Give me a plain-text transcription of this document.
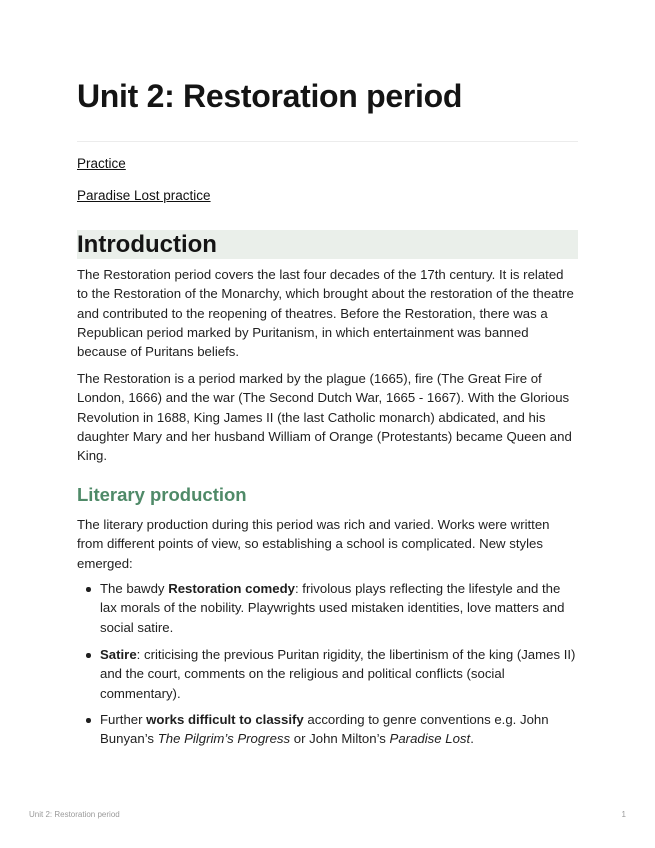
Unit 2: Restoration period
Practice
Paradise Lost practice
Introduction

The Restoration period covers the last four decades of the 17th century. It is related to the Restoration of the Monarchy, which brought about the restoration of the theatre and contributed to the reopening of theatres. Before the Restoration, there was a Republican period marked by Puritanism, in which entertainment was banned because of Puritans beliefs.

The Restoration is a period marked by the plague (1665), fire (The Great Fire of London, 1666) and the war (The Second Dutch War, 1665 - 1667). With the Glorious Revolution in 1688, King James II (the last Catholic monarch) abdicated, and his daughter Mary and her husband William of Orange (Protestants) became Queen and King.

Literary production

The literary production during this period was rich and varied. Works were written from different points of view, so establishing a school is complicated. New styles emerged:

The bawdy Restoration comedy: frivolous plays reflecting the lifestyle and the lax morals of the nobility. Playwrights used mistaken identities, love matters and social satire.
Satire: criticising the previous Puritan rigidity, the libertinism of the king (James II) and the court, comments on the religious and political conflicts (social commentary).
Further works difficult to classify according to genre conventions e.g. John Bunyan’s The Pilgrim’s Progress or John Milton’s Paradise Lost.
Unit 2: Restoration period	1
